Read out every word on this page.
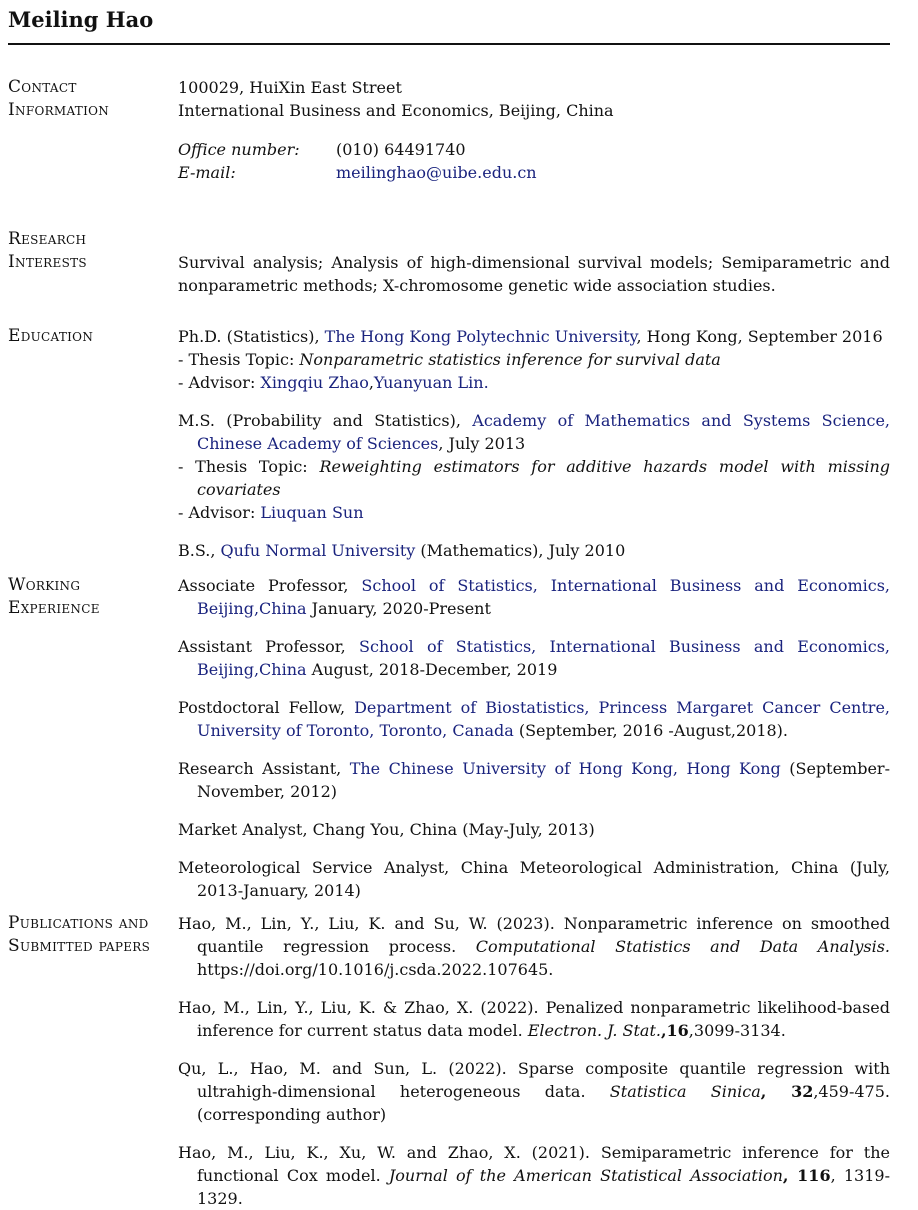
Meiling Hao
Contact Information
100029, HuiXin East Street
International Business and Economics, Beijing, China
Office number:	(010) 64491740
E-mail:	meilinghao@uibe.edu.cn
Research Interests	Survival analysis; Analysis of high-dimensional survival models; Semiparametric and nonparametric methods; X-chromosome genetic wide association studies.
Education	Ph.D. (Statistics), The Hong Kong Polytechnic University, Hong Kong, September 2016
- Thesis Topic: Nonparametric statistics inference for survival data
- Advisor: Xingqiu Zhao,Yuanyuan Lin.
M.S. (Probability and Statistics), Academy of Mathematics and Systems Science, Chinese Academy of Sciences, July 2013
- Thesis Topic: Reweighting estimators for additive hazards model with missing covariates
- Advisor: Liuquan Sun
B.S., Qufu Normal University (Mathematics), July 2010
Working Experience
Associate Professor, School of Statistics, International Business and Economics, Beijing,China January, 2020-Present
Assistant Professor, School of Statistics, International Business and Economics, Beijing,China August, 2018-December, 2019
Postdoctoral Fellow, Department of Biostatistics, Princess Margaret Cancer Centre, University of Toronto, Toronto, Canada (September, 2016 -August,2018).
Research Assistant, The Chinese University of Hong Kong, Hong Kong (September-November, 2012)
Market Analyst, Chang You, China (May-July, 2013)
Meteorological Service Analyst, China Meteorological Administration, China (July, 2013-January, 2014)
Publications and Submitted papers
Hao, M., Lin, Y., Liu, K. and Su, W. (2023). Nonparametric inference on smoothed quantile regression process. Computational Statistics and Data Analysis. https://doi.org/10.1016/j.csda.2022.107645.
Hao, M., Lin, Y., Liu, K. & Zhao, X. (2022). Penalized nonparametric likelihood-based inference for current status data model. Electron. J. Stat.,16,3099-3134.
Qu, L., Hao, M. and Sun, L. (2022). Sparse composite quantile regression with ultrahigh-dimensional heterogeneous data. Statistica Sinica, 32,459-475.(corresponding author)
Hao, M., Liu, K., Xu, W. and Zhao, X. (2021). Semiparametric inference for the functional Cox model. Journal of the American Statistical Association, 116, 1319-1329.
